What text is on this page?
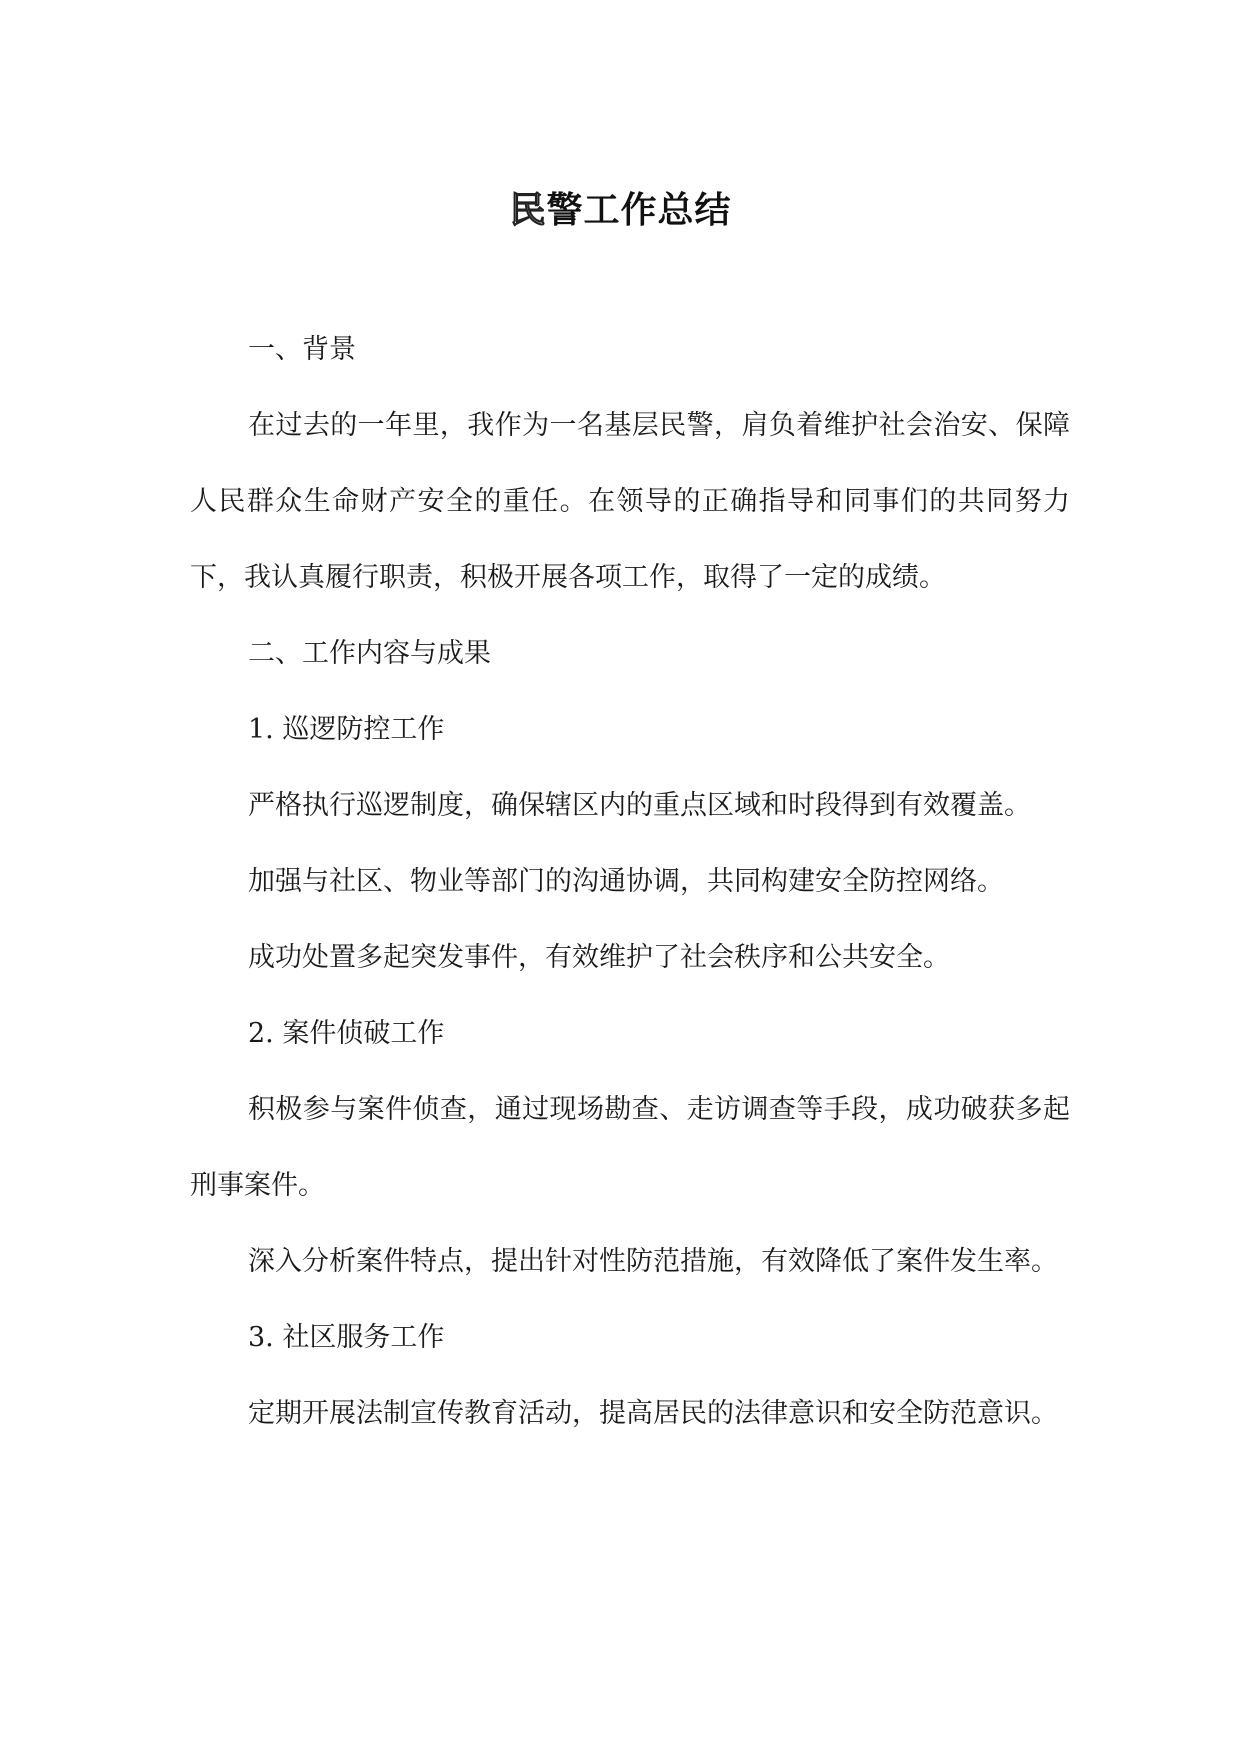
民警工作总结

一、背景

在过去的一年里，我作为一名基层民警，肩负着维护社会治安、保障人民群众生命财产安全的重任。在领导的正确指导和同事们的共同努力下，我认真履行职责，积极开展各项工作，取得了一定的成绩。

二、工作内容与成果

1. 巡逻防控工作

严格执行巡逻制度，确保辖区内的重点区域和时段得到有效覆盖。

加强与社区、物业等部门的沟通协调，共同构建安全防控网络。

成功处置多起突发事件，有效维护了社会秩序和公共安全。

2. 案件侦破工作

积极参与案件侦查，通过现场勘查、走访调查等手段，成功破获多起刑事案件。

深入分析案件特点，提出针对性防范措施，有效降低了案件发生率。

3. 社区服务工作

定期开展法制宣传教育活动，提高居民的法律意识和安全防范意识。
